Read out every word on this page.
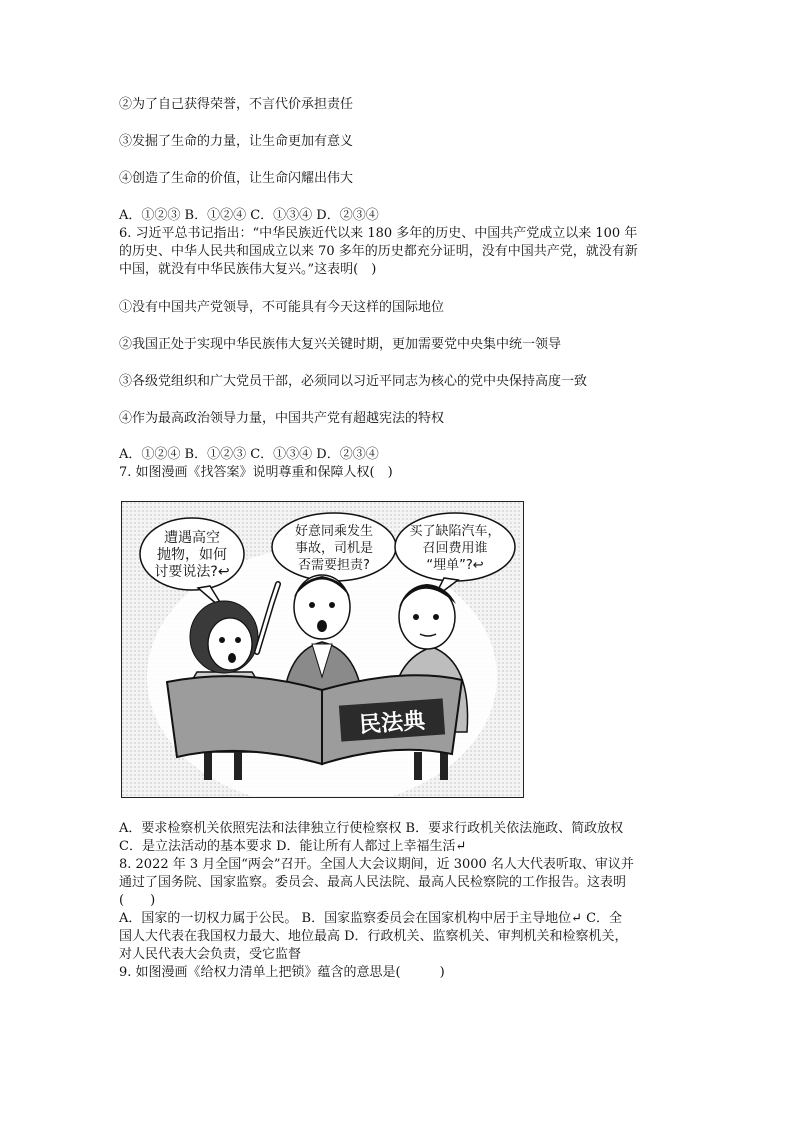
②为了自己获得荣誉，不言代价承担责任
③发掘了生命的力量，让生命更加有意义
④创造了生命的价值，让生命闪耀出伟大
A．①②③ B．①②④ C．①③④ D．②③④
6. 习近平总书记指出：“中华民族近代以来 180 多年的历史、中国共产党成立以来 100 年
的历史、中华人民共和国成立以来 70 多年的历史都充分证明，没有中国共产党，就没有新
中国，就没有中华民族伟大复兴。”这表明(　)
①没有中国共产党领导，不可能具有今天这样的国际地位
②我国正处于实现中华民族伟大复兴关键时期，更加需要党中央集中统一领导
③各级党组织和广大党员干部，必须同以习近平同志为核心的党中央保持高度一致
④作为最高政治领导力量，中国共产党有超越宪法的特权
A．①②④ B．①②③ C．①③④ D．②③④
7. 如图漫画《找答案》说明尊重和保障人权(　)
遭遇高空
抛物，如何
讨要说法?↩
好意同乘发生
事故，司机是
否需要担责?
买了缺陷汽车，
召回费用谁
“埋单”?↩
民法典
A．要求检察机关依照宪法和法律独立行使检察权 B．要求行政机关依法施政、简政放权
C．是立法活动的基本要求 D．能让所有人都过上幸福生活↵
8. 2022 年 3 月全国“两会”召开。全国人大会议期间，近 3000 名人大代表听取、审议并
通过了国务院、国家监察。委员会、最高人民法院、最高人民检察院的工作报告。这表明
(　　)
A．国家的一切权力属于公民。 B．国家监察委员会在国家机构中居于主导地位↵ C．全
国人大代表在我国权力最大、地位最高 D．行政机关、监察机关、审判机关和检察机关，
对人民代表大会负责，受它监督
9. 如图漫画《给权力清单上把锁》蕴含的意思是(　　　)
